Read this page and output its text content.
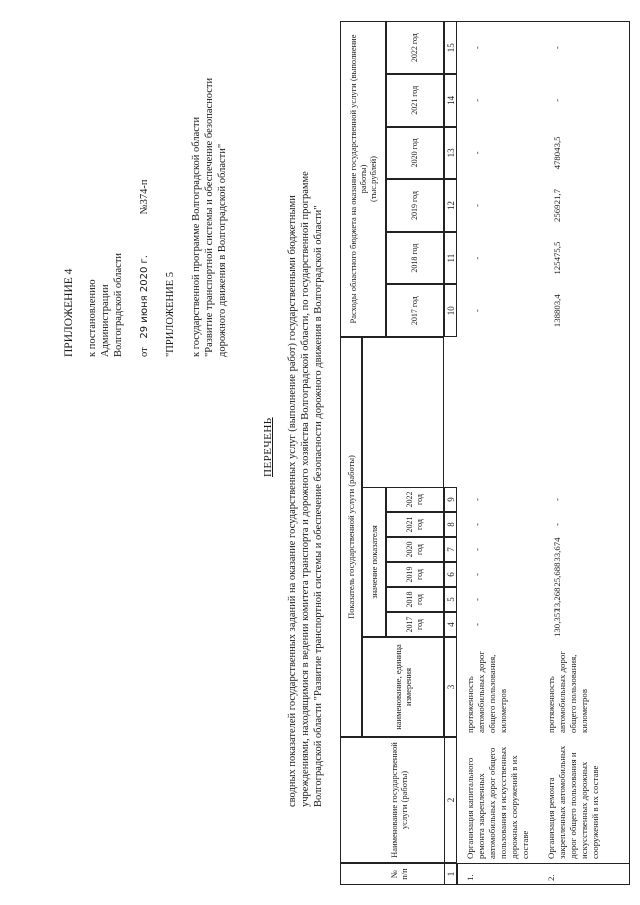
ПРИЛОЖЕНИЕ 4 к постановлению Администрации Волгоградской области от 29 июня 2020 г. №374-п
"ПРИЛОЖЕНИЕ 5 к государственной программе Волгоградской области "Развитие транспортной системы и обеспечение безопасности дорожного движения в Волгоградской области"
ПЕРЕЧЕНЬ сводных показателей государственных заданий на оказание государственных услуг (выполнение работ) государственными бюджетными учреждениями, находящимися в ведении комитета транспорта и дорожного хозяйства Волгоградской области, по государственной программе Волгоградской области "Развитие транспортной системы и обеспечение безопасности дорожного движения в Волгоградской области"
№ п/п
Наименование государственной услуги (работы)
Показатель государственной услуги (работы)
наименование, единица измерения
значение показателя
Расходы областного бюджета на оказание государственной услуги (выполнение работы) (тыс.рублей)
2017 год
2018 год
2019 год
2020 год
2021 год
2022 год
2017 год
2018 год
2019 год
2020 год
2021 год
2022 год
1
2
3
4
5
6
7
8
9
10
11
12
13
14
15
1.
Организация капитального ремонта закрепленных автомобильных дорог общего пользования и искусственных дорожных сооружений в их составе
протяженность автомобильных дорог общего пользования, километров
2.
Организация ремонта закрепленных автомобильных дорог общего пользования и искусственных дорожных сооружений в их составе
протяженность автомобильных дорог общего пользования, километров
-
-
-
-
-
-
-
-
-
-
-
-
130,357
13,268
25,688
33,674
-
-
138803,4
125475,5
256921,7
478043,5
-
-
